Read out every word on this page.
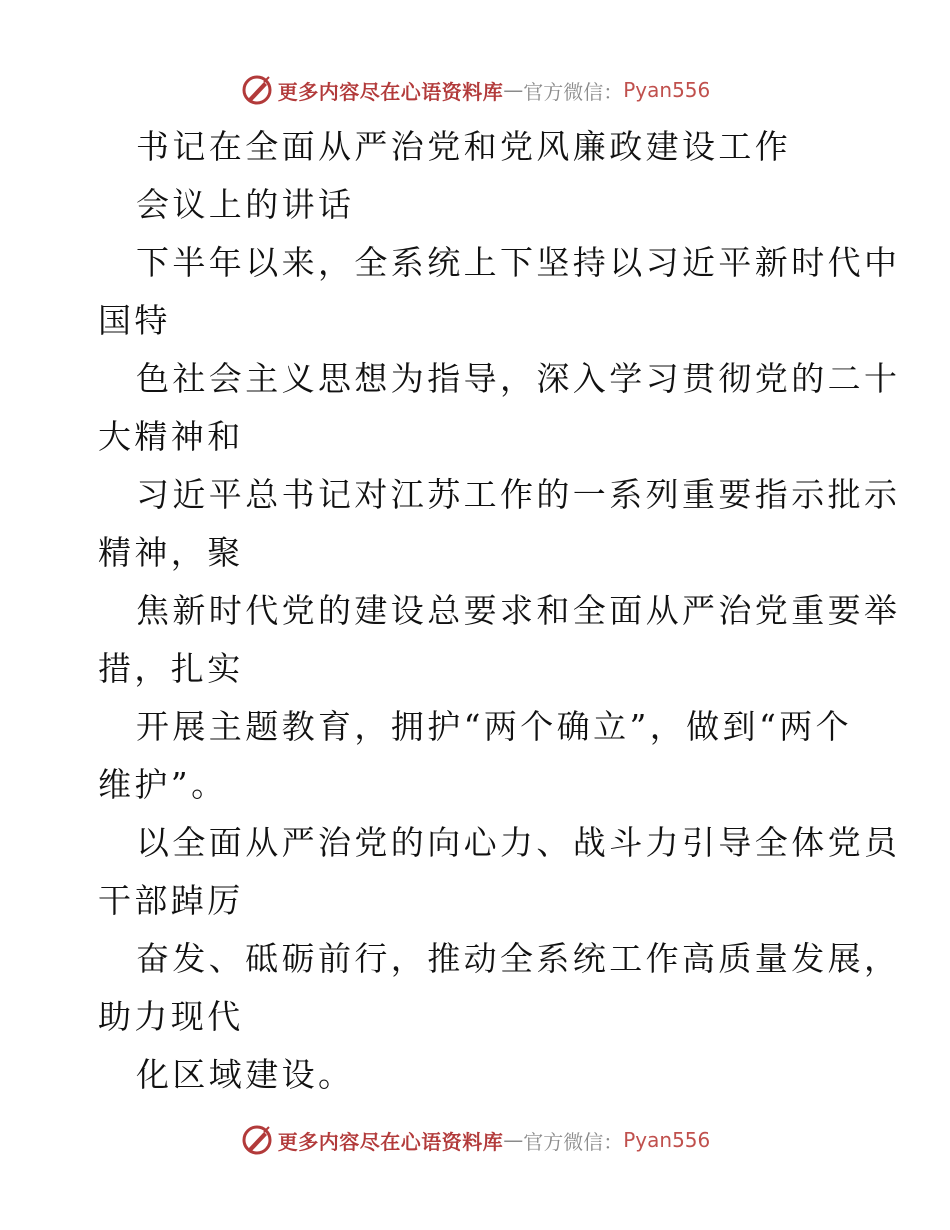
更多内容尽在心语资料库 — 官方微信： Pyan556

书记在全面从严治党和党风廉政建设工作

会议上的讲话

下半年以来，全系统上下坚持以习近平新时代中

国特

色社会主义思想为指导，深入学习贯彻党的二十

大精神和

习近平总书记对江苏工作的一系列重要指示批示

精神，聚

焦新时代党的建设总要求和全面从严治党重要举

措，扎实

开展主题教育，拥护“两个确立”，做到“两个

维护”。

以全面从严治党的向心力、战斗力引导全体党员

干部踔厉

奋发、砥砺前行，推动全系统工作高质量发展，

助力现代

化区域建设。

更多内容尽在心语资料库 — 官方微信： Pyan556
